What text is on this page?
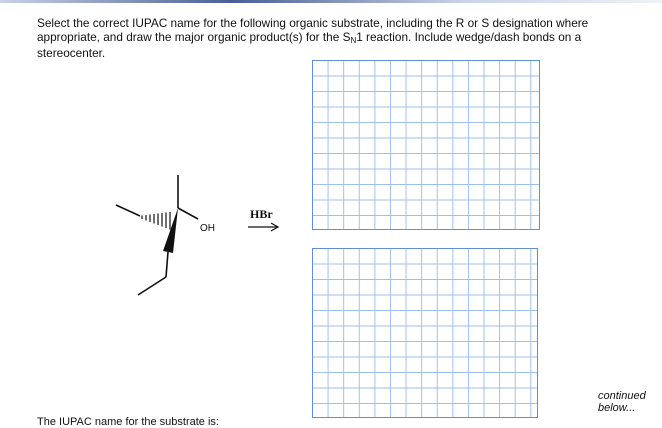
Select the correct IUPAC name for the following organic substrate, including the R or S designation where appropriate, and draw the major organic product(s) for the $S_N1$ reaction. Include wedge/dash bonds on a stereocenter.

OH
HBr

continued
below...

The IUPAC name for the substrate is:
